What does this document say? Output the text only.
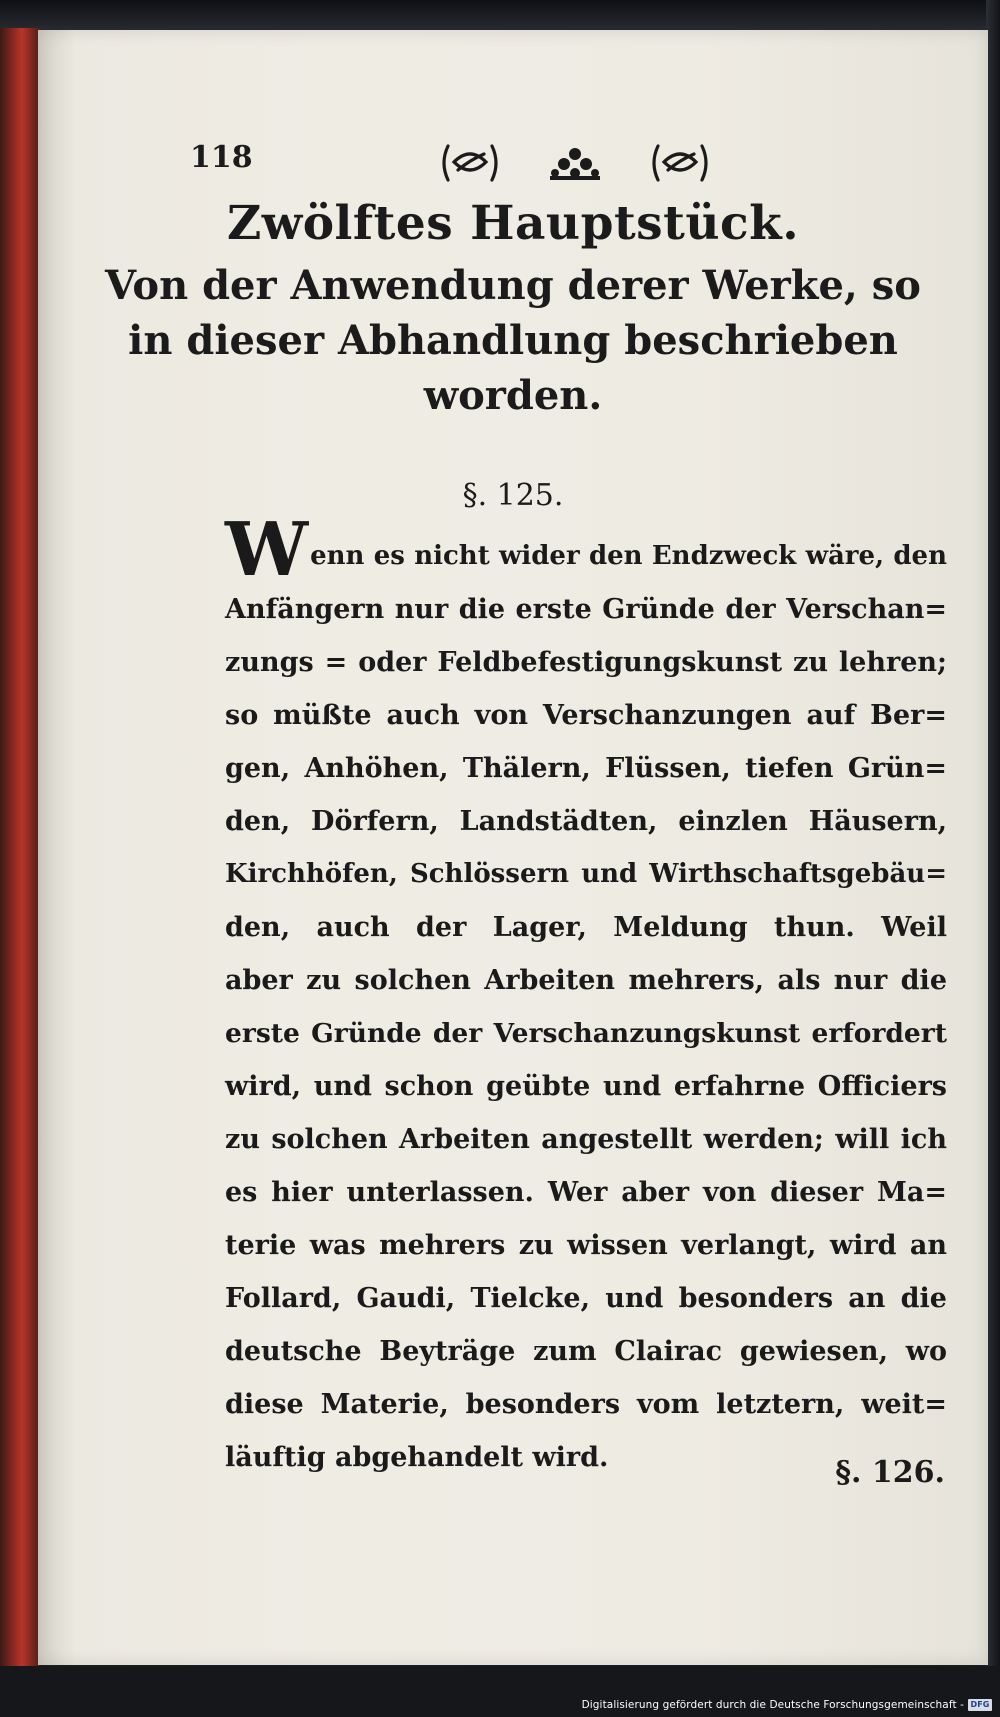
118
Zwölftes Hauptstück.
Von der Anwendung derer Werke, so
in dieser Abhandlung beschrieben
worden.
§. 125.
Wenn es nicht wider den Endzweck wäre, den
Anfängern nur die erste Gründe der Verschan=
zungs = oder Feldbefestigungskunst zu lehren;
so müßte auch von Verschanzungen auf Ber=
gen, Anhöhen, Thälern, Flüssen, tiefen Grün=
den, Dörfern, Landstädten, einzlen Häusern,
Kirchhöfen, Schlössern und Wirthschaftsgebäu=
den, auch der Lager, Meldung thun. Weil
aber zu solchen Arbeiten mehrers, als nur die
erste Gründe der Verschanzungskunst erfordert
wird, und schon geübte und erfahrne Officiers
zu solchen Arbeiten angestellt werden; will ich
es hier unterlassen. Wer aber von dieser Ma=
terie was mehrers zu wissen verlangt, wird an
Follard, Gaudi, Tielcke, und besonders an die
deutsche Beyträge zum Clairac gewiesen, wo
diese Materie, besonders vom letztern, weit=
läuftig abgehandelt wird.	§. 126.
Digitalisierung gefördert durch die Deutsche Forschungsgemeinschaft - DFG
